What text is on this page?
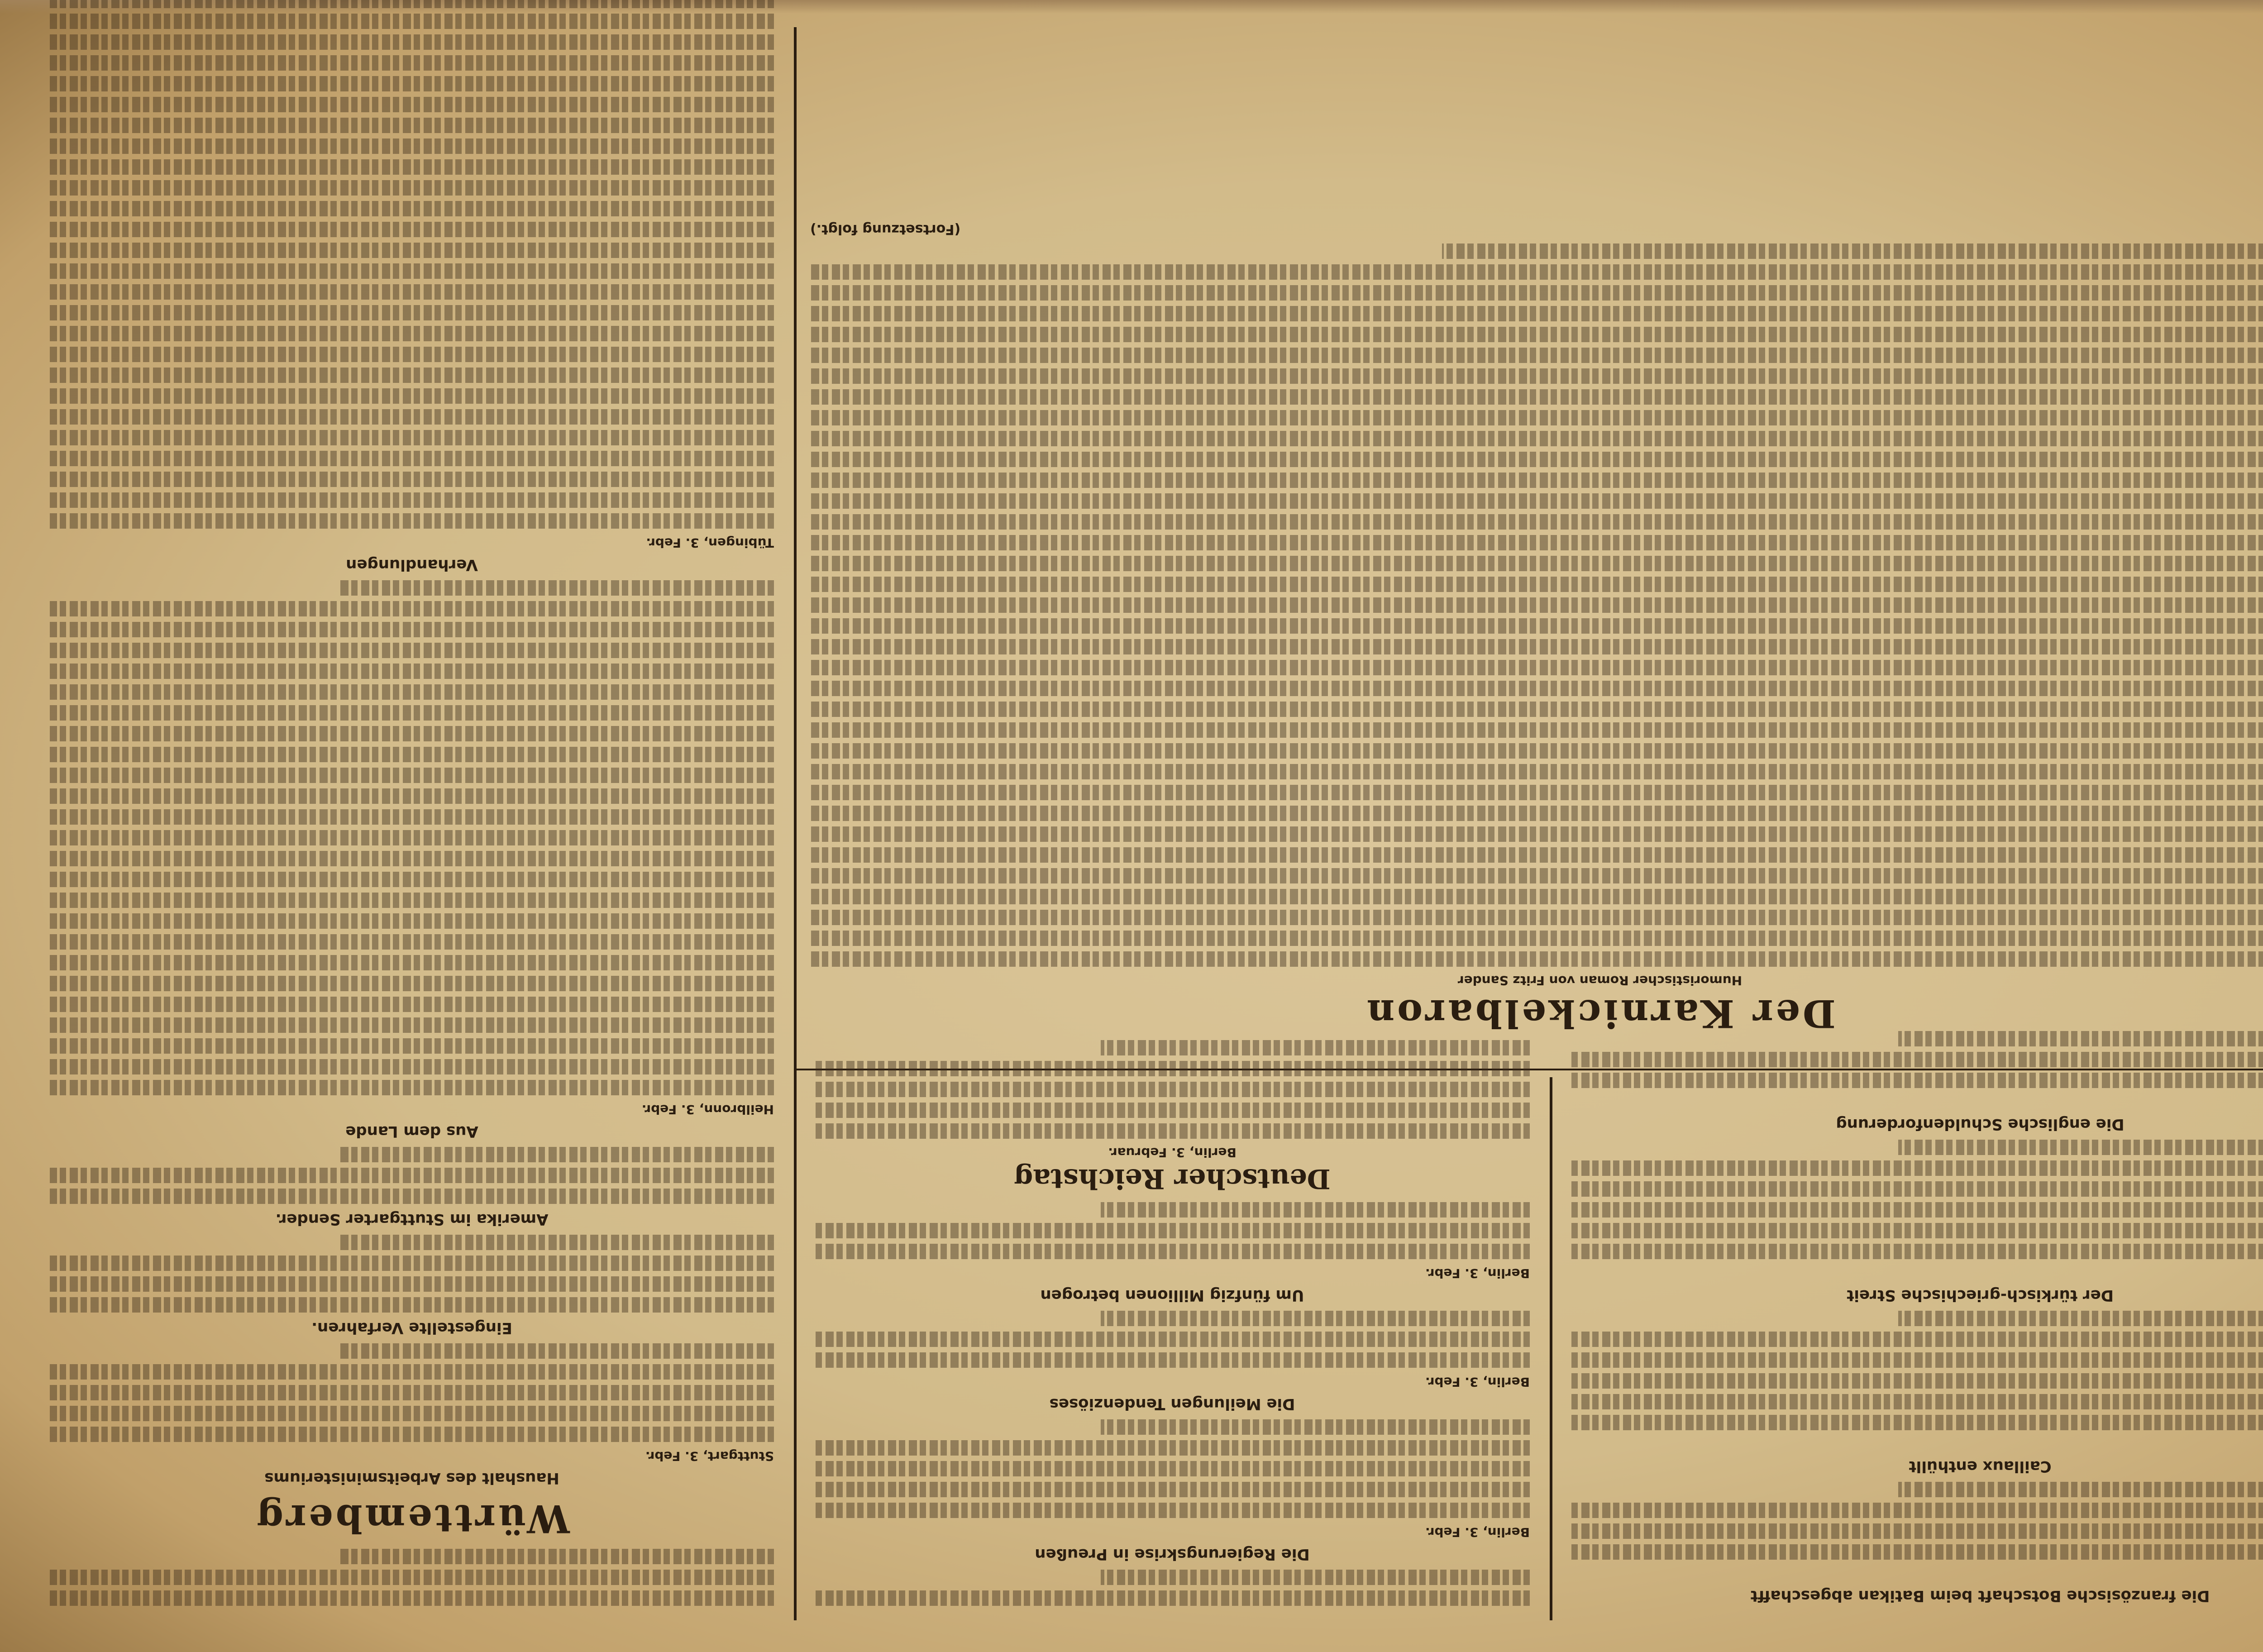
Die französische Botschaft beim Batikan abgeschafft
Caillaux enthüllt
Der türkisch-griechische Streit
Die englische Schuldenforderung
Die Regierungskrise in Preußen
Berlin, 3. Febr.
Die Meilungen Tendenziöses
Berlin, 3. Febr.
Um fünfzig Millionen betrogen
Berlin, 3. Febr.
Deutscher Reichstag
Berlin, 3. Februar.
Der Karnickelbaron
Humoristischer Roman von Fritz Sander
(Fortsetzung folgt.)
Württemberg
Haushalt des Arbeitsministeriums
Stuttgart, 3. Febr.
Eingestellte Verfahren.
Amerika im Stuttgarter Sender.
Aus dem Lande
Heilbronn, 3. Febr.
Verhandlungen
Tübingen, 3. Febr.
